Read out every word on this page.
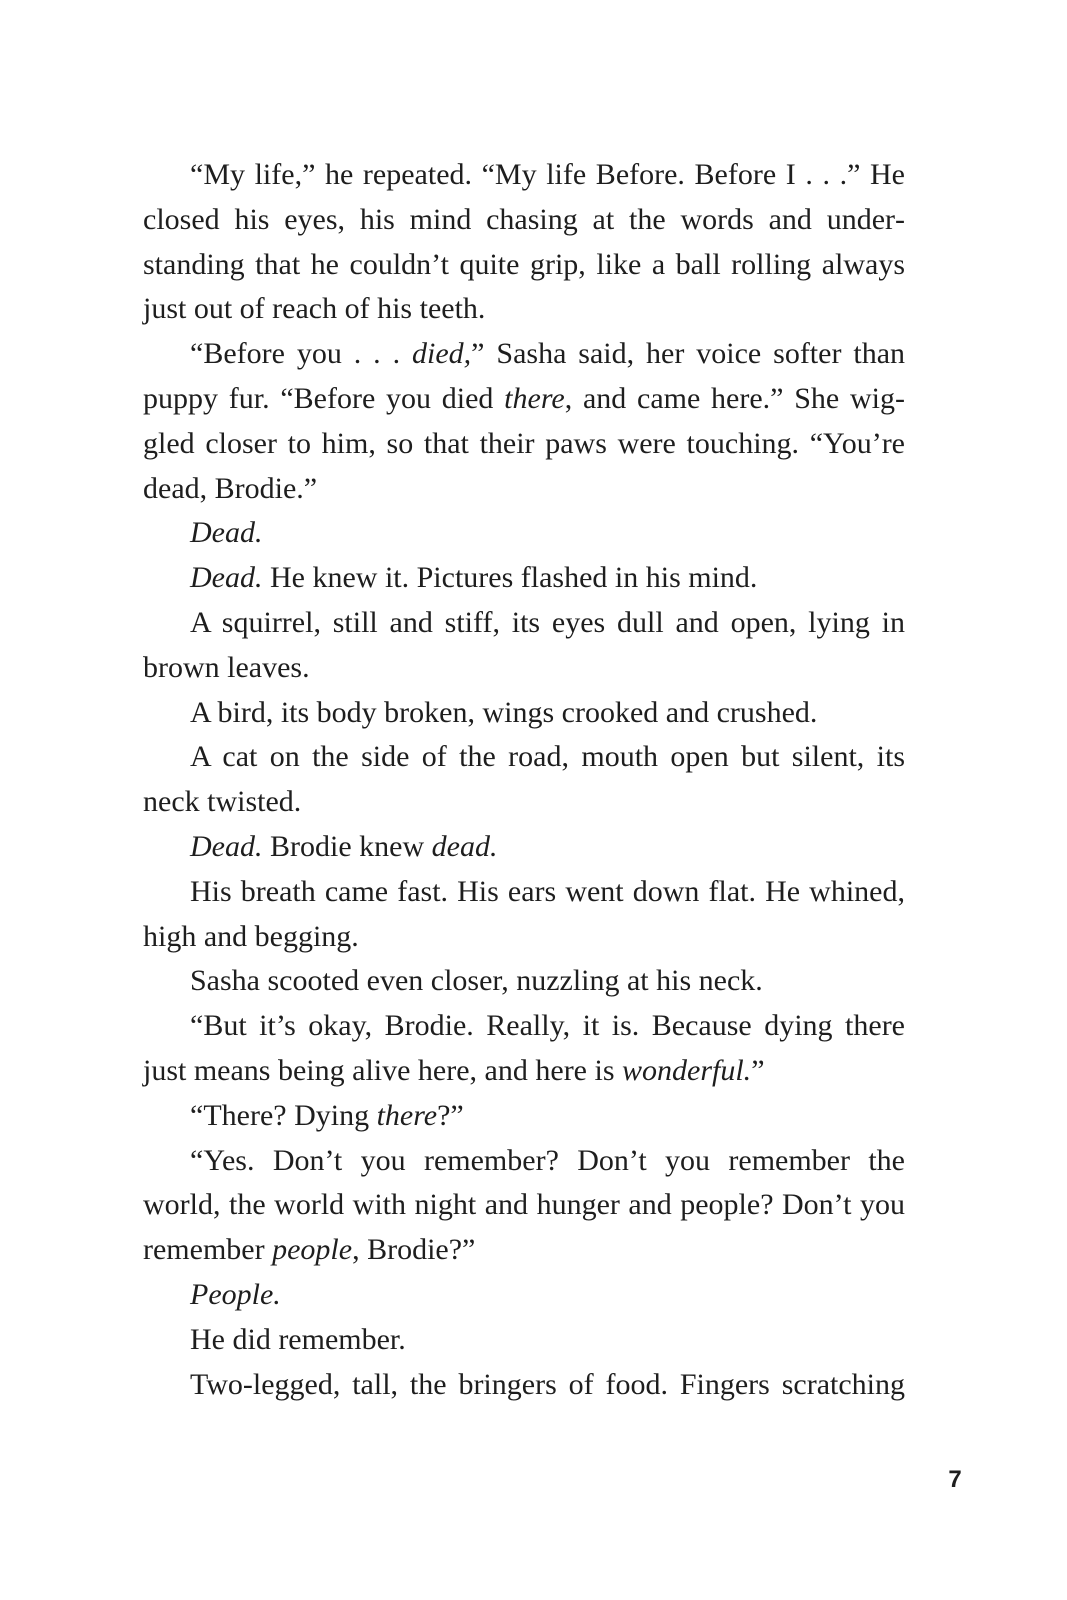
“My life,” he repeated. “My life Before. Before I . . .” He closed his eyes, his mind chasing at the words and understanding that he couldn’t quite grip, like a ball rolling always just out of reach of his teeth.

“Before you . . . died,” Sasha said, her voice softer than puppy fur. “Before you died there, and came here.” She wiggled closer to him, so that their paws were touching. “You’re dead, Brodie.”

Dead.

Dead. He knew it. Pictures flashed in his mind.

A squirrel, still and stiff, its eyes dull and open, lying in brown leaves.

A bird, its body broken, wings crooked and crushed.

A cat on the side of the road, mouth open but silent, its neck twisted.

Dead. Brodie knew dead.

His breath came fast. His ears went down flat. He whined, high and begging.

Sasha scooted even closer, nuzzling at his neck.

“But it’s okay, Brodie. Really, it is. Because dying there just means being alive here, and here is wonderful.”

“There? Dying there?”

“Yes. Don’t you remember? Don’t you remember the world, the world with night and hunger and people? Don’t you remember people, Brodie?”

People.

He did remember.

Two-legged, tall, the bringers of food. Fingers scratching

7
